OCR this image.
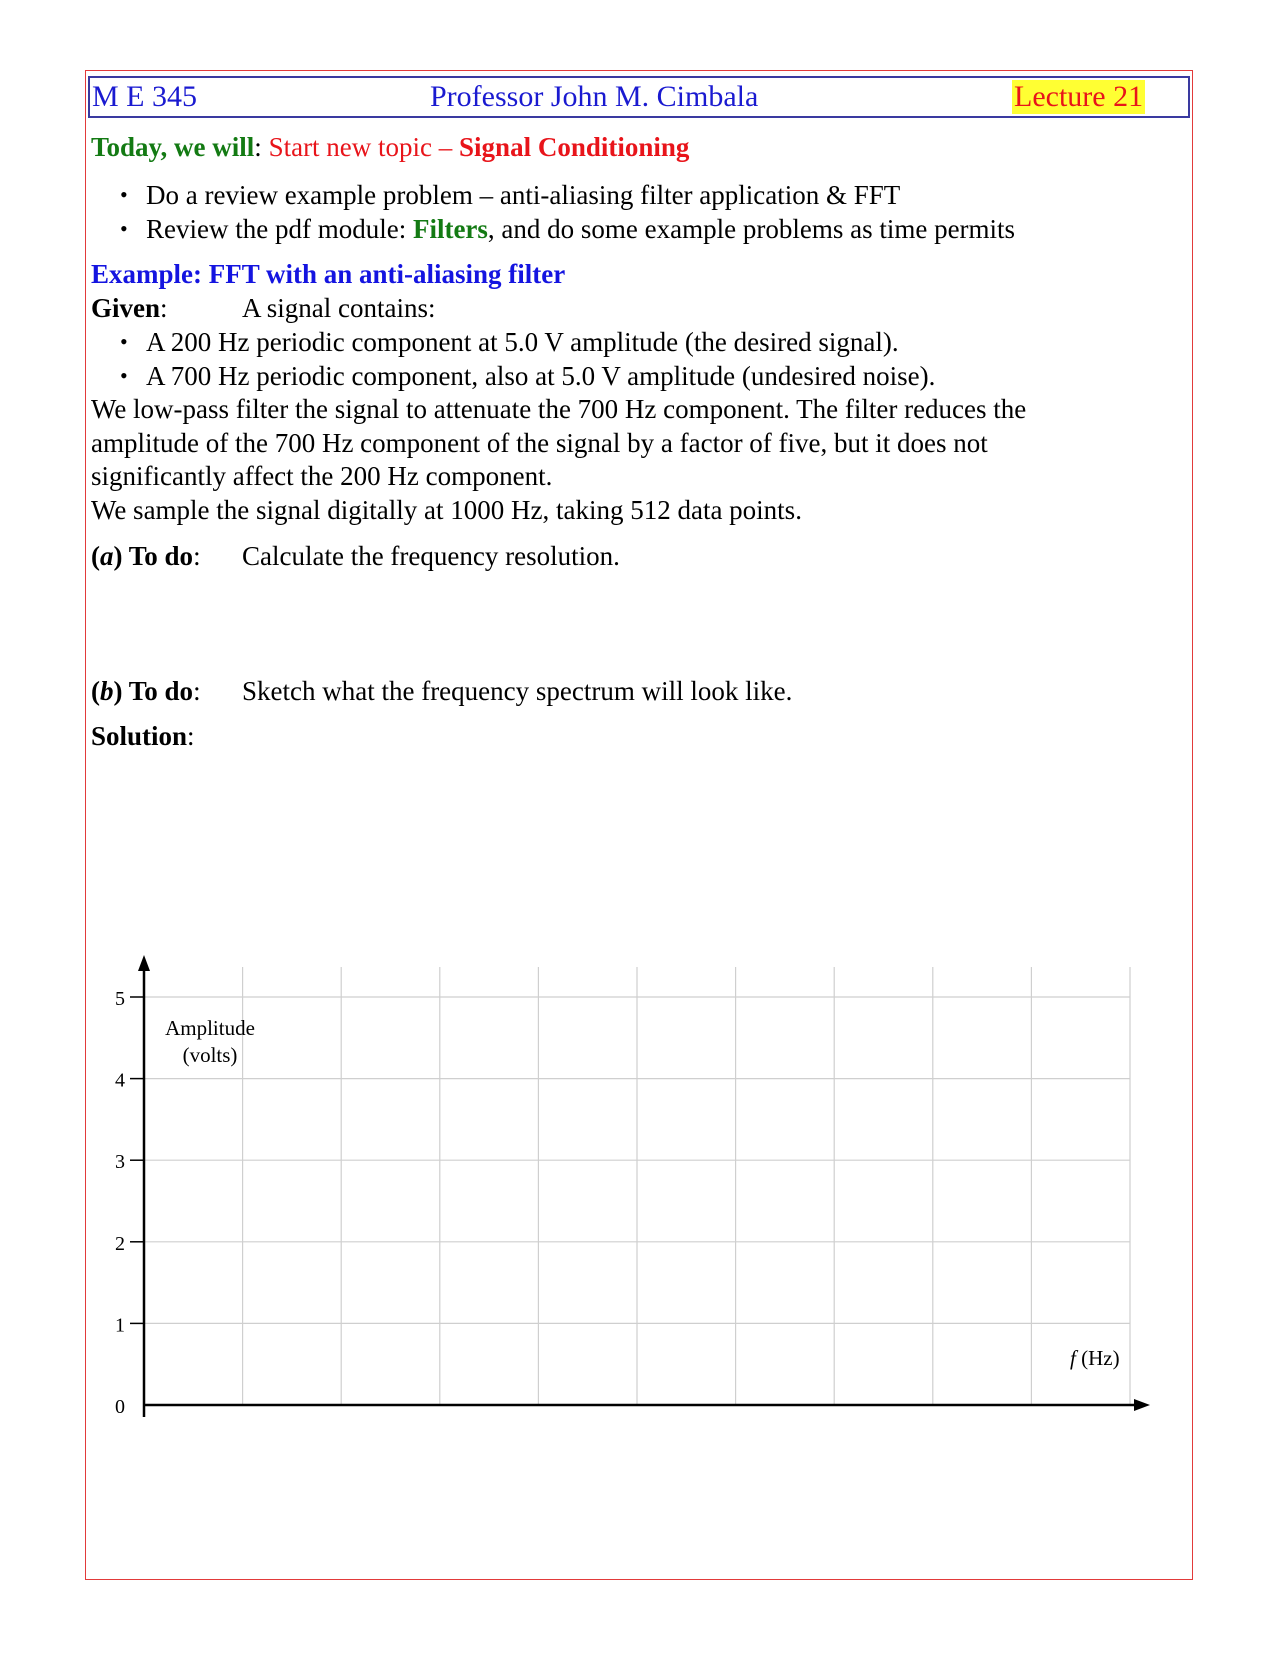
M E 345	Professor John M. Cimbala	Lecture 21
Today, we will: Start new topic – Signal Conditioning
• Do a review example problem – anti-aliasing filter application & FFT
• Review the pdf module: Filters, and do some example problems as time permits
Example: FFT with an anti-aliasing filter
Given:	A signal contains:
• A 200 Hz periodic component at 5.0 V amplitude (the desired signal).
• A 700 Hz periodic component, also at 5.0 V amplitude (undesired noise).
We low-pass filter the signal to attenuate the 700 Hz component. The filter reduces the
amplitude of the 700 Hz component of the signal by a factor of five, but it does not
significantly affect the 200 Hz component.
We sample the signal digitally at 1000 Hz, taking 512 data points.
(a) To do: Calculate the frequency resolution.
(b) To do: Sketch what the frequency spectrum will look like.
Solution:
0
1
2
3
4
5
Amplitude
(volts)
f (Hz)
